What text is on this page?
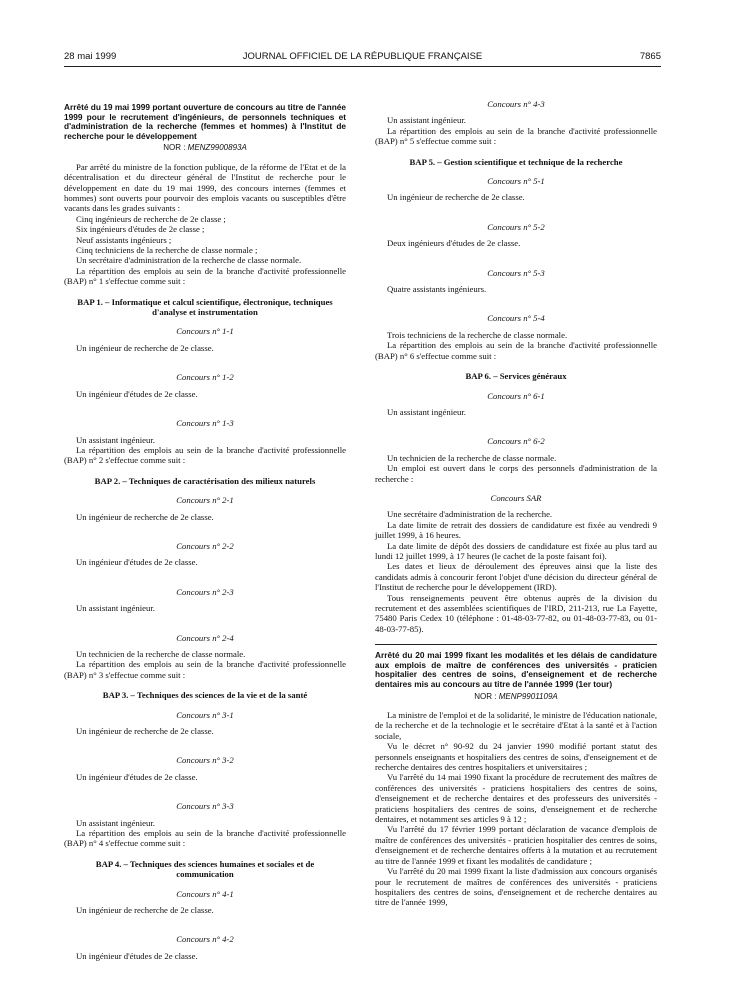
28 mai 1999	JOURNAL OFFICIEL DE LA RÉPUBLIQUE FRANÇAISE	7865

Arrêté du 19 mai 1999 portant ouverture de concours au titre de l'année 1999 pour le recrutement d'ingénieurs, de personnels techniques et d'administration de la recherche (femmes et hommes) à l'Institut de recherche pour le développement

NOR : MENZ9900893A

Par arrêté du ministre de la fonction publique, de la réforme de l'Etat et de la décentralisation et du directeur général de l'Institut de recherche pour le développement en date du 19 mai 1999, des concours internes (femmes et hommes) sont ouverts pour pourvoir des emplois vacants ou susceptibles d'être vacants dans les grades suivants :

Cinq ingénieurs de recherche de 2e classe ;

Six ingénieurs d'études de 2e classe ;

Neuf assistants ingénieurs ;

Cinq techniciens de la recherche de classe normale ;

Un secrétaire d'administration de la recherche de classe normale.

La répartition des emplois au sein de la branche d'activité professionnelle (BAP) n° 1 s'effectue comme suit :

BAP 1. – Informatique et calcul scientifique, électronique, techniques d'analyse et instrumentation
Concours n° 1-1

Un ingénieur de recherche de 2e classe.

Concours n° 1-2

Un ingénieur d'études de 2e classe.

Concours n° 1-3

Un assistant ingénieur.

La répartition des emplois au sein de la branche d'activité professionnelle (BAP) n° 2 s'effectue comme suit :

BAP 2. – Techniques de caractérisation des milieux naturels
Concours n° 2-1

Un ingénieur de recherche de 2e classe.

Concours n° 2-2

Un ingénieur d'études de 2e classe.

Concours n° 2-3

Un assistant ingénieur.

Concours n° 2-4

Un technicien de la recherche de classe normale.

La répartition des emplois au sein de la branche d'activité professionnelle (BAP) n° 3 s'effectue comme suit :

BAP 3. – Techniques des sciences de la vie et de la santé
Concours n° 3-1

Un ingénieur de recherche de 2e classe.

Concours n° 3-2

Un ingénieur d'études de 2e classe.

Concours n° 3-3

Un assistant ingénieur.

La répartition des emplois au sein de la branche d'activité professionnelle (BAP) n° 4 s'effectue comme suit :

BAP 4. – Techniques des sciences humaines et sociales et de communication
Concours n° 4-1

Un ingénieur de recherche de 2e classe.

Concours n° 4-2

Un ingénieur d'études de 2e classe.

Concours n° 4-3

Un assistant ingénieur.

La répartition des emplois au sein de la branche d'activité professionnelle (BAP) n° 5 s'effectue comme suit :

BAP 5. – Gestion scientifique et technique de la recherche
Concours n° 5-1

Un ingénieur de recherche de 2e classe.

Concours n° 5-2

Deux ingénieurs d'études de 2e classe.

Concours n° 5-3

Quatre assistants ingénieurs.

Concours n° 5-4

Trois techniciens de la recherche de classe normale.

La répartition des emplois au sein de la branche d'activité professionnelle (BAP) n° 6 s'effectue comme suit :

BAP 6. – Services généraux
Concours n° 6-1

Un assistant ingénieur.

Concours n° 6-2

Un technicien de la recherche de classe normale.

Un emploi est ouvert dans le corps des personnels d'administration de la recherche :

Concours SAR

Une secrétaire d'administration de la recherche.

La date limite de retrait des dossiers de candidature est fixée au vendredi 9 juillet 1999, à 16 heures.

La date limite de dépôt des dossiers de candidature est fixée au plus tard au lundi 12 juillet 1999, à 17 heures (le cachet de la poste faisant foi).

Les dates et lieux de déroulement des épreuves ainsi que la liste des candidats admis à concourir feront l'objet d'une décision du directeur général de l'Institut de recherche pour le développement (IRD).

Tous renseignements peuvent être obtenus auprès de la division du recrutement et des assemblées scientifiques de l'IRD, 211-213, rue La Fayette, 75480 Paris Cedex 10 (téléphone : 01-48-03-77-82, ou 01-48-03-77-83, ou 01-48-03-77-85).

Arrêté du 20 mai 1999 fixant les modalités et les délais de candidature aux emplois de maître de conférences des universités - praticien hospitalier des centres de soins, d'enseignement et de recherche dentaires mis au concours au titre de l'année 1999 (1er tour)

NOR : MENP9901109A

La ministre de l'emploi et de la solidarité, le ministre de l'éducation nationale, de la recherche et de la technologie et le secrétaire d'Etat à la santé et à l'action sociale,

Vu le décret n° 90-92 du 24 janvier 1990 modifié portant statut des personnels enseignants et hospitaliers des centres de soins, d'enseignement et de recherche dentaires des centres hospitaliers et universitaires ;

Vu l'arrêté du 14 mai 1990 fixant la procédure de recrutement des maîtres de conférences des universités - praticiens hospitaliers des centres de soins, d'enseignement et de recherche dentaires et des professeurs des universités - praticiens hospitaliers des centres de soins, d'enseignement et de recherche dentaires, et notamment ses articles 9 à 12 ;

Vu l'arrêté du 17 février 1999 portant déclaration de vacance d'emplois de maître de conférences des universités - praticien hospitalier des centres de soins, d'enseignement et de recherche dentaires offerts à la mutation et au recrutement au titre de l'année 1999 et fixant les modalités de candidature ;

Vu l'arrêté du 20 mai 1999 fixant la liste d'admission aux concours organisés pour le recrutement de maîtres de conférences des universités - praticiens hospitaliers des centres de soins, d'enseignement et de recherche dentaires au titre de l'année 1999,
